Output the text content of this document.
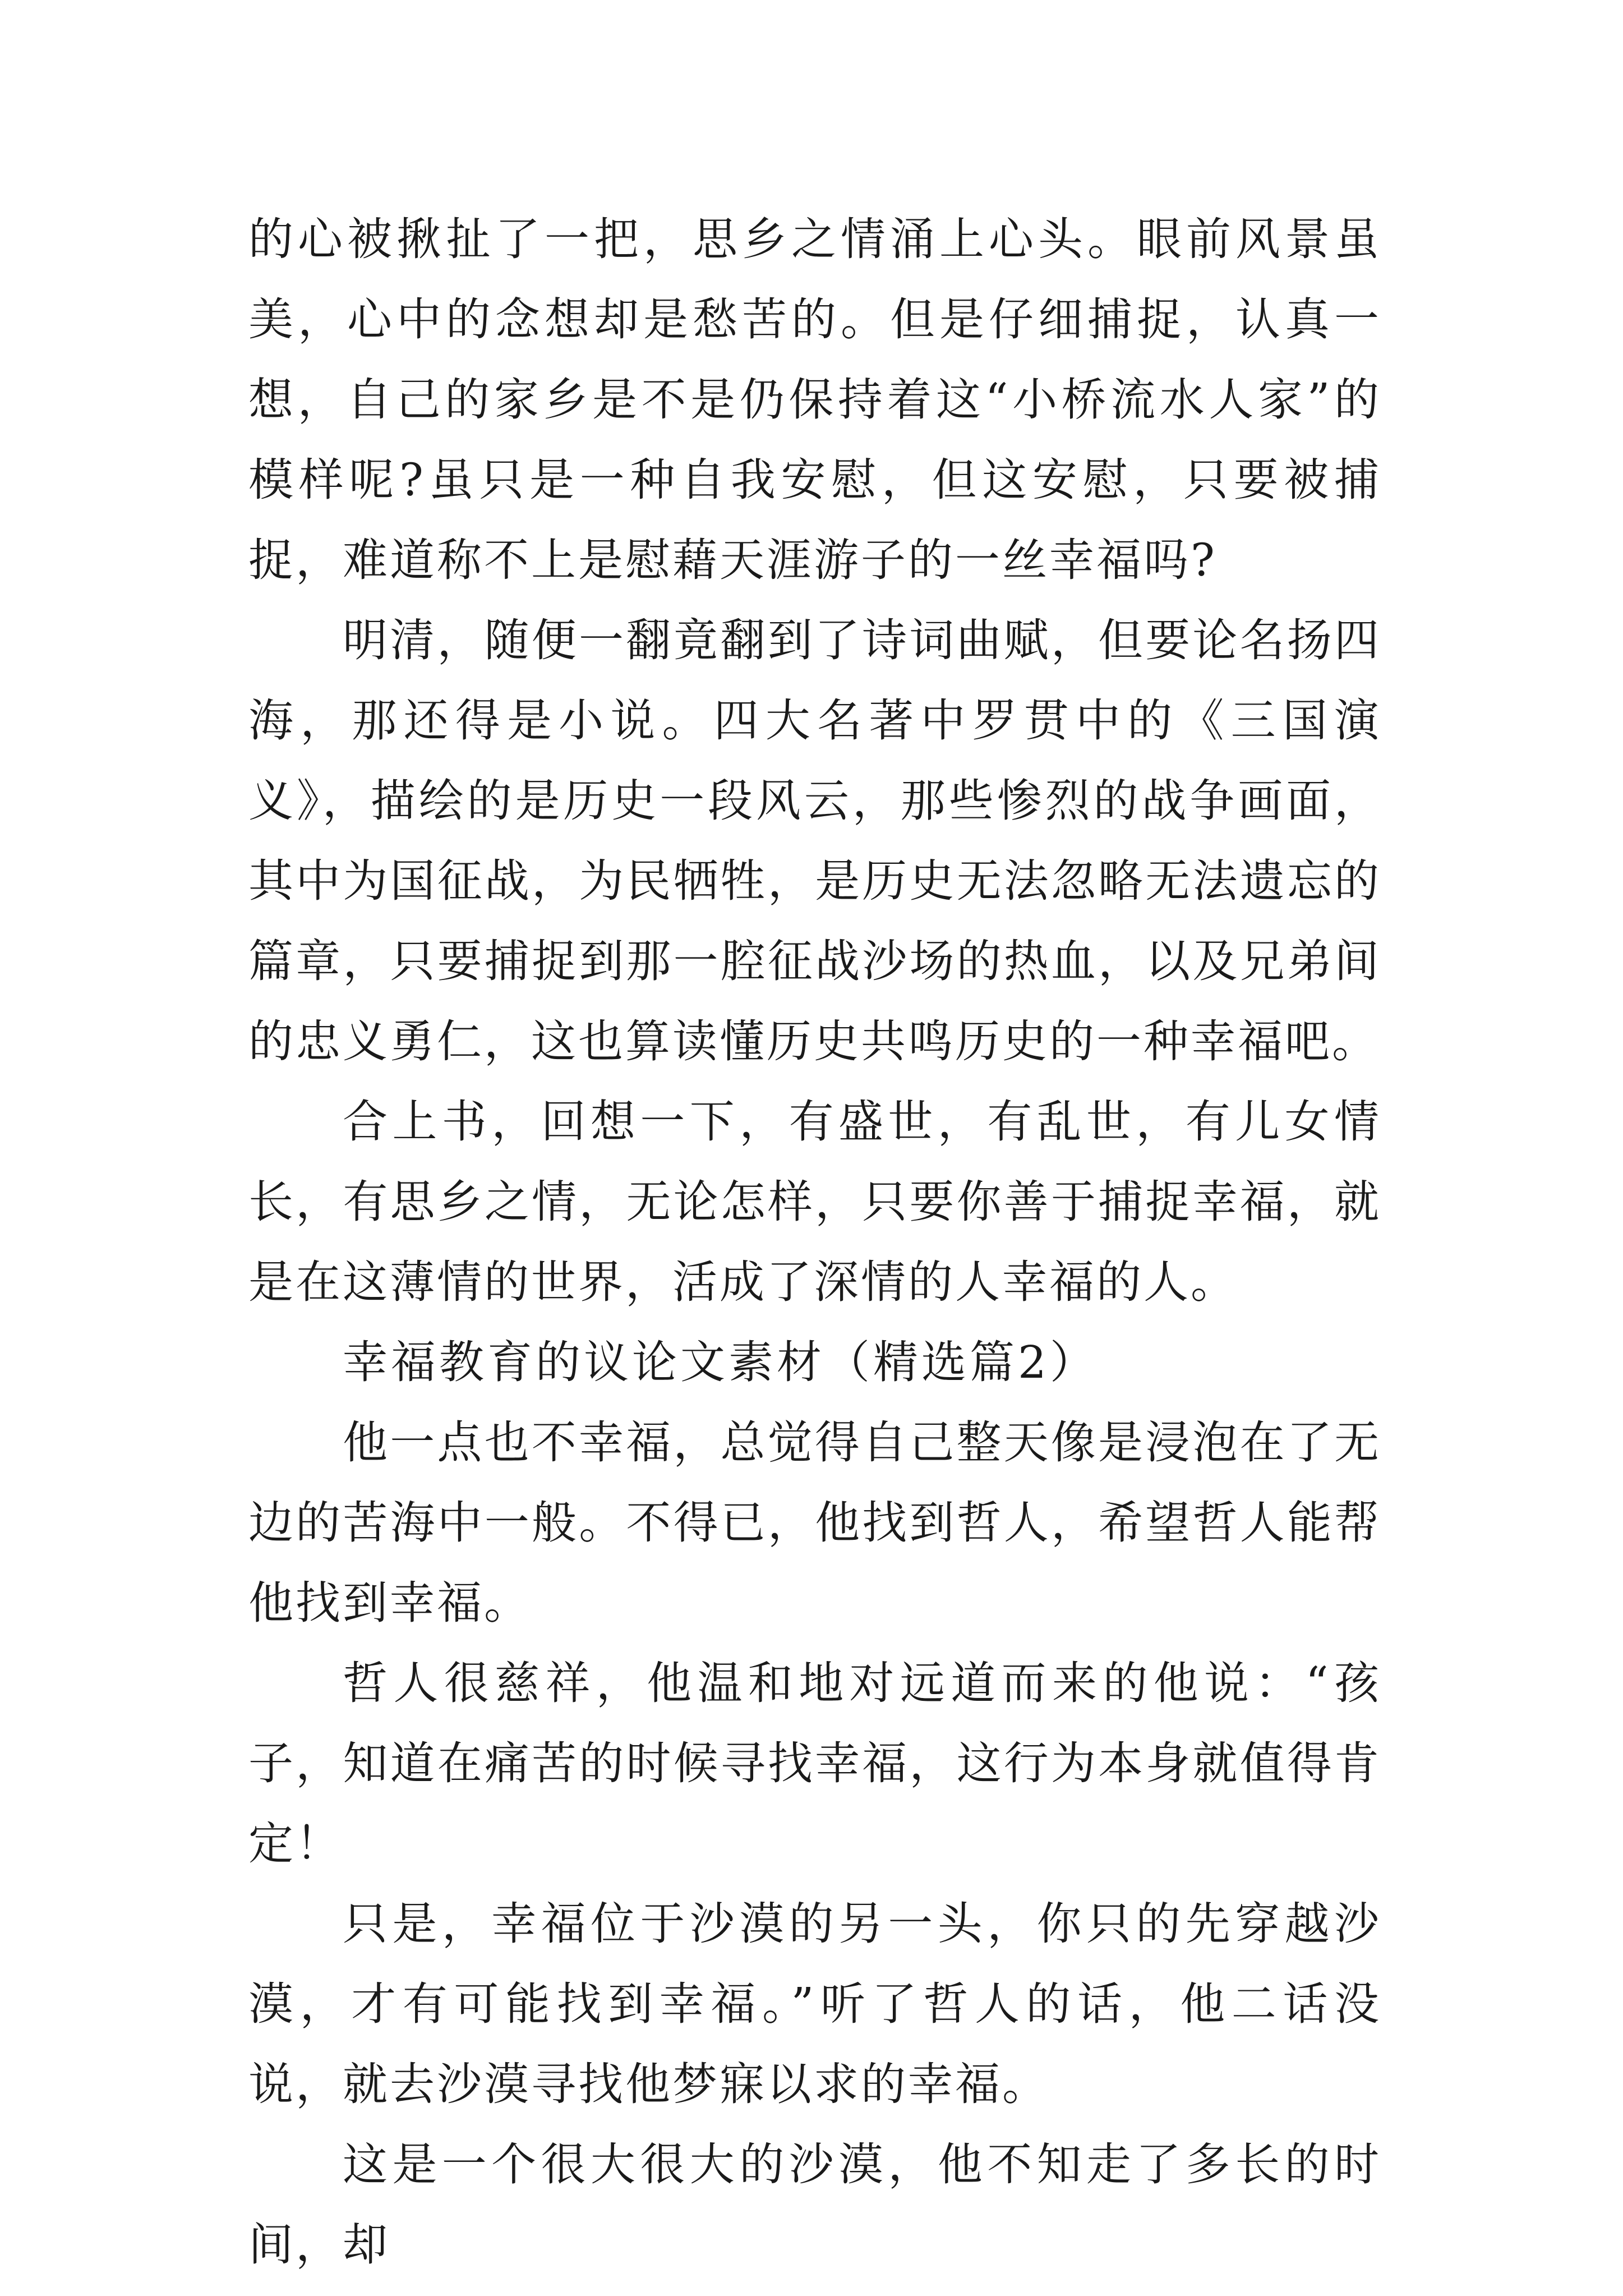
的心被揪扯了一把，思乡之情涌上心头。眼前风景虽美，心中的念想却是愁苦的。但是仔细捕捉，认真一想，自己的家乡是不是仍保持着这“小桥流水人家”的模样呢?虽只是一种自我安慰，但这安慰，只要被捕捉，难道称不上是慰藉天涯游子的一丝幸福吗?

明清，随便一翻竟翻到了诗词曲赋，但要论名扬四海，那还得是小说。四大名著中罗贯中的《三国演义》，描绘的是历史一段风云，那些惨烈的战争画面，其中为国征战，为民牺牲，是历史无法忽略无法遗忘的篇章，只要捕捉到那一腔征战沙场的热血，以及兄弟间的忠义勇仁，这也算读懂历史共鸣历史的一种幸福吧。

合上书，回想一下，有盛世，有乱世，有儿女情长，有思乡之情，无论怎样，只要你善于捕捉幸福，就是在这薄情的世界，活成了深情的人幸福的人。

幸福教育的议论文素材（精选篇2）

他一点也不幸福，总觉得自己整天像是浸泡在了无边的苦海中一般。不得已，他找到哲人，希望哲人能帮他找到幸福。

哲人很慈祥，他温和地对远道而来的他说：“孩子，知道在痛苦的时候寻找幸福，这行为本身就值得肯定！

只是，幸福位于沙漠的另一头，你只的先穿越沙漠，才有可能找到幸福。”听了哲人的话，他二话没说，就去沙漠寻找他梦寐以求的幸福。

这是一个很大很大的沙漠，他不知走了多长的时间，却
